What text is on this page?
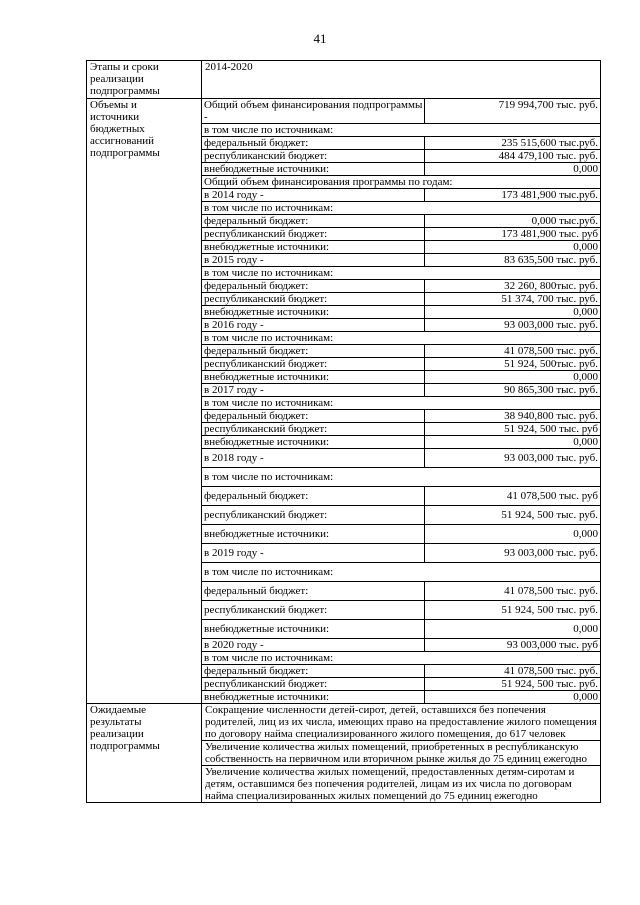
41
Этапы и сроки
реализации
подпрограммы	2014-2020
Объемы и
источники
бюджетных
ассигнований
подпрограммы	
Общий объем финансирования подпрограммы -	719 994,700 тыс. руб.
в том числе по источникам:
федеральный бюджет:	235 515,600 тыс.руб.
республиканский бюджет:	484 479,100 тыс. руб.
внебюджетные источники:	0,000
Общий объем финансирования программы по годам:
в 2014 году -	173 481,900 тыс.руб.
в том числе по источникам:
федеральный бюджет:	0,000 тыс.руб.
республиканский бюджет:	173 481,900 тыс. руб
внебюджетные источники:	0,000
в 2015 году -	83 635,500 тыс. руб.
в том числе по источникам:
федеральный бюджет:	32 260, 800тыс. руб.
республиканский бюджет:	51 374, 700 тыс. руб.
внебюджетные источники:	0,000
в 2016 году -	93 003,000 тыс. руб.
в том числе по источникам:
федеральный бюджет:	41 078,500 тыс. руб.
республиканский бюджет:	51 924, 500тыс. руб.
внебюджетные источники:	0,000
в 2017 году -	90 865,300 тыс. руб.
в том числе по источникам:
федеральный бюджет:	38 940,800 тыс. руб.
республиканский бюджет:	51 924, 500 тыс. руб
внебюджетные источники:	0,000
в 2018 году -	93 003,000 тыс. руб.
в том числе по источникам:
федеральный бюджет:	41 078,500 тыс. руб
республиканский бюджет:	51 924, 500 тыс. руб.
внебюджетные источники:	0,000
в 2019 году -	93 003,000 тыс. руб.
в том числе по источникам:
федеральный бюджет:	41 078,500 тыс. руб.
республиканский бюджет:	51 924, 500 тыс. руб.
внебюджетные источники:	0,000
в 2020 году -	93 003,000 тыс. руб
в том числе по источникам:
федеральный бюджет:	41 078,500 тыс. руб.
республиканский бюджет:	51 924, 500 тыс. руб.
внебюджетные источники:	0,000

Ожидаемые
результаты
реализации
подпрограммы	
Сокращение численности детей-сирот, детей, оставшихся без попечения родителей, лиц из их числа, имеющих право на предоставление жилого помещения по договору найма специализированного жилого помещения, до 617 человек
Увеличение количества жилых помещений, приобретенных в республиканскую собственность на первичном или вторичном рынке жилья до 75 единиц ежегодно
Увеличение количества жилых помещений, предоставленных детям-сиротам и детям, оставшимся без попечения родителей, лицам из их числа по договорам найма специализированных жилых помещений до 75 единиц ежегодно
